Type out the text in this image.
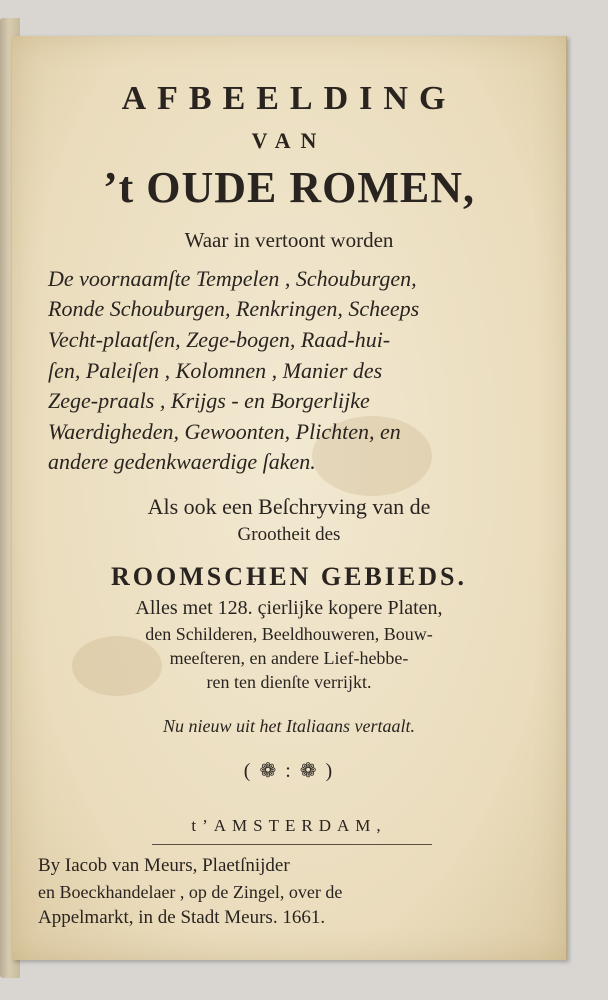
AFBEELDING
VAN
’t OUDE ROMEN,
Waar in vertoont worden
De voornaamſte Tempelen , Schouburgen,
Ronde Schouburgen, Renkringen, Scheeps
Vecht-plaatſen, Zege-bogen, Raad-hui-
ſen, Paleiſen , Kolomnen , Manier des
Zege-praals , Krijgs - en Borgerlijke
Waerdigheden, Gewoonten, Plichten, en
andere gedenkwaerdige ſaken.
Als ook een Beſchryving van de
Grootheit des
ROOMSCHEN GEBIEDS.
Alles met 128. çierlijke kopere Platen,
den Schilderen, Beeldhouweren, Bouw-
meeſteren, en andere Lief-hebbe-
ren ten dienſte verrijkt.
Nu nieuw uit het Italiaans vertaalt.
( ❁ : ❁ )
t’AMSTERDAM,
By Iacob van Meurs, Plaetſnijder
en Boeckhandelaer , op de Zingel, over de
Appelmarkt, in de Stadt Meurs. 1661.
